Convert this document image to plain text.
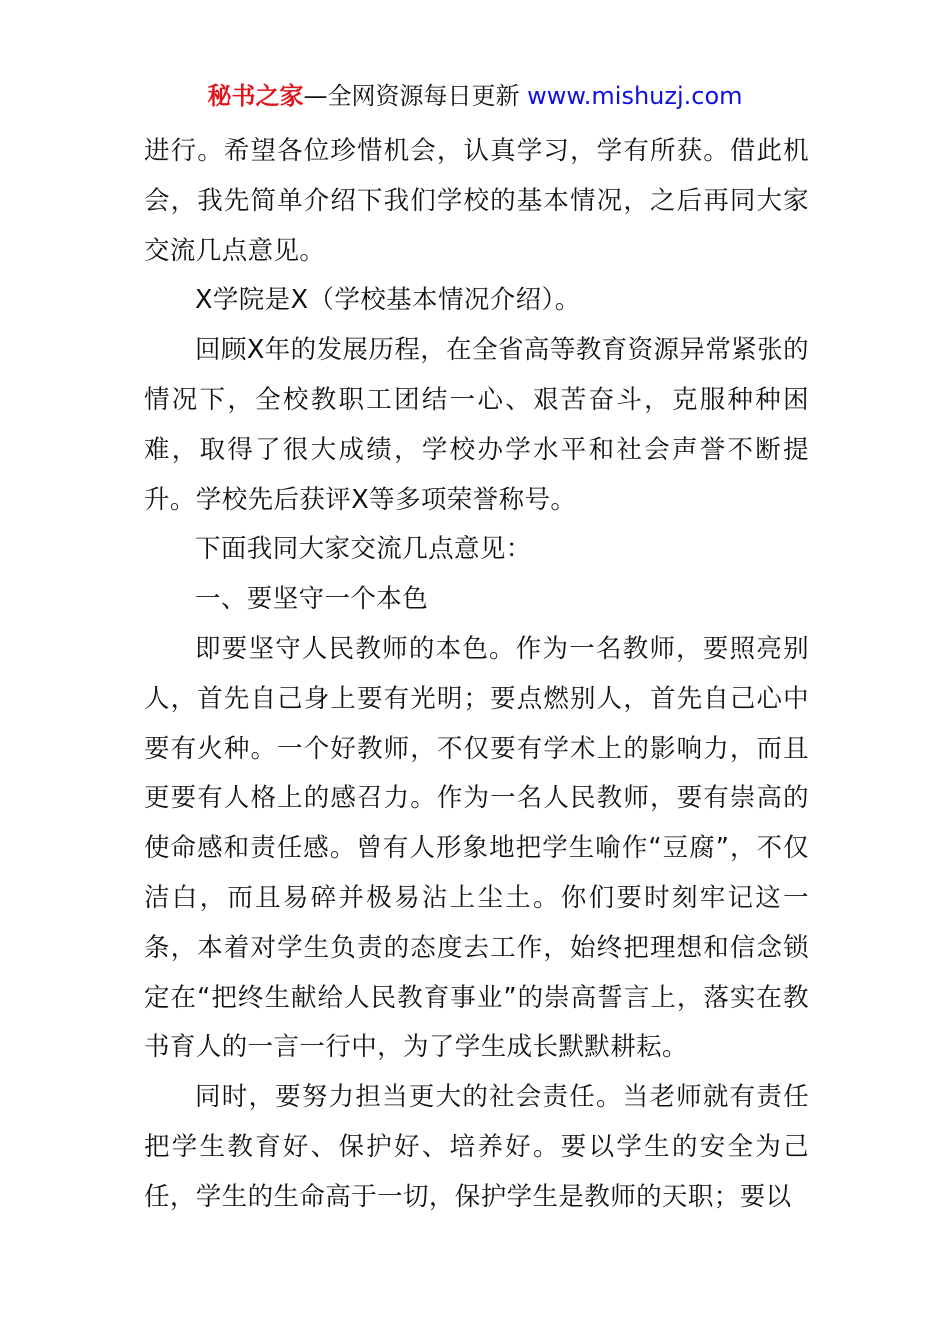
秘书之家—全网资源每日更新 www.mishuzj.com

进行。希望各位珍惜机会，认真学习，学有所获。借此机会，我先简单介绍下我们学校的基本情况，之后再同大家交流几点意见。

X学院是X（学校基本情况介绍）。

回顾X年的发展历程，在全省高等教育资源异常紧张的情况下，全校教职工团结一心、艰苦奋斗，克服种种困难，取得了很大成绩，学校办学水平和社会声誉不断提升。学校先后获评X等多项荣誉称号。

下面我同大家交流几点意见：

一、要坚守一个本色

即要坚守人民教师的本色。作为一名教师，要照亮别人，首先自己身上要有光明；要点燃别人，首先自己心中要有火种。一个好教师，不仅要有学术上的影响力，而且更要有人格上的感召力。作为一名人民教师，要有崇高的使命感和责任感。曾有人形象地把学生喻作“豆腐”，不仅洁白，而且易碎并极易沾上尘土。你们要时刻牢记这一条，本着对学生负责的态度去工作，始终把理想和信念锁定在“把终生献给人民教育事业”的崇高誓言上，落实在教书育人的一言一行中，为了学生成长默默耕耘。

同时，要努力担当更大的社会责任。当老师就有责任把学生教育好、保护好、培养好。要以学生的安全为己任，学生的生命高于一切，保护学生是教师的天职；要以
